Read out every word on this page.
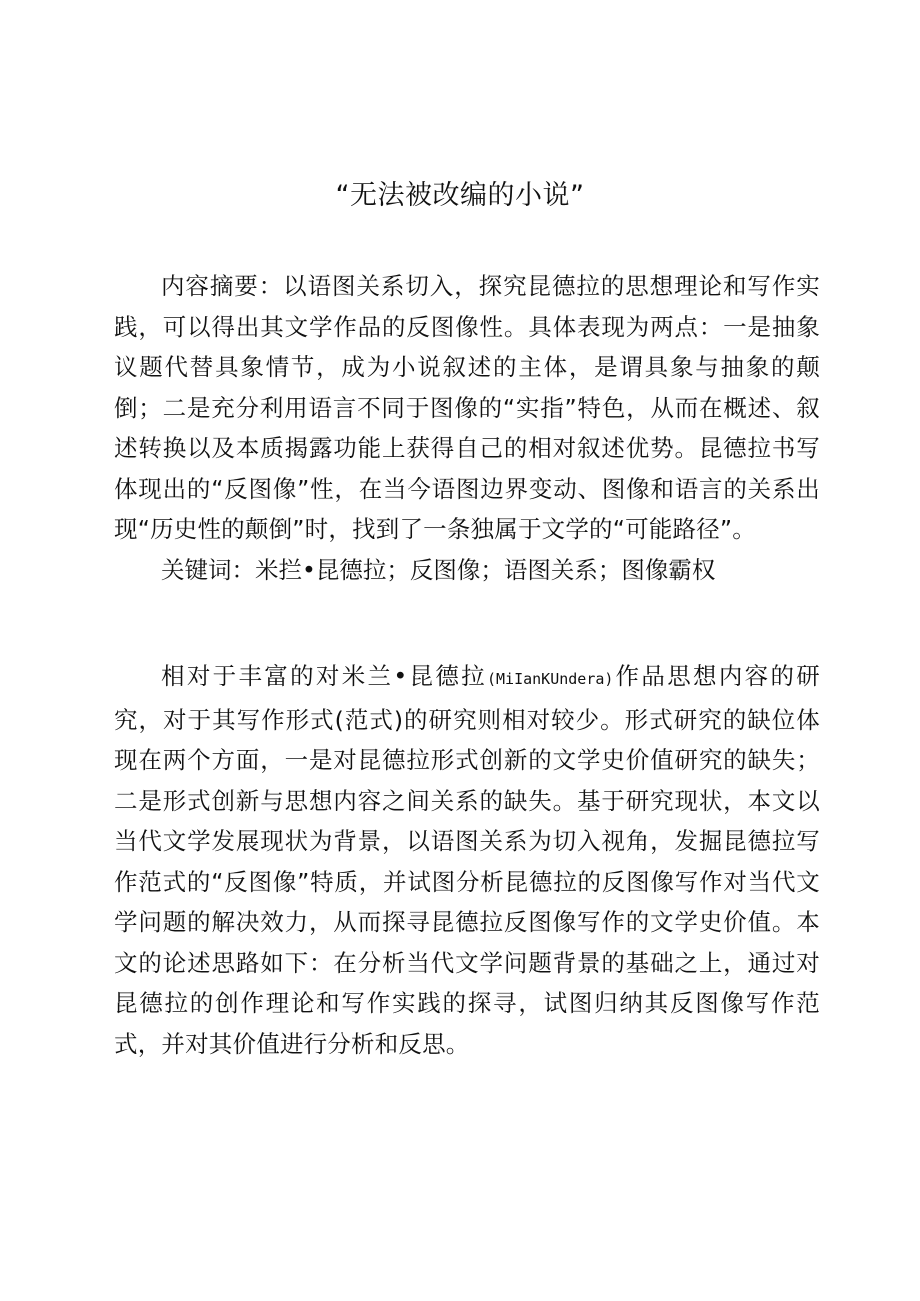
“无法被改编的小说”

内容摘要：以语图关系切入，探究昆德拉的思想理论和写作实践，可以得出其文学作品的反图像性。具体表现为两点：一是抽象议题代替具象情节，成为小说叙述的主体，是谓具象与抽象的颠倒；二是充分利用语言不同于图像的“实指”特色，从而在概述、叙述转换以及本质揭露功能上获得自己的相对叙述优势。昆德拉书写体现出的“反图像”性，在当今语图边界变动、图像和语言的关系出现“历史性的颠倒”时，找到了一条独属于文学的“可能路径”。

关键词：米拦•昆德拉；反图像；语图关系；图像霸权

相对于丰富的对米兰•昆德拉(MiIanKUndera)作品思想内容的研究，对于其写作形式(范式)的研究则相对较少。形式研究的缺位体现在两个方面，一是对昆德拉形式创新的文学史价值研究的缺失；二是形式创新与思想内容之间关系的缺失。基于研究现状，本文以当代文学发展现状为背景，以语图关系为切入视角，发掘昆德拉写作范式的“反图像”特质，并试图分析昆德拉的反图像写作对当代文学问题的解决效力，从而探寻昆德拉反图像写作的文学史价值。本文的论述思路如下：在分析当代文学问题背景的基础之上，通过对昆德拉的创作理论和写作实践的探寻，试图归纳其反图像写作范式，并对其价值进行分析和反思。
